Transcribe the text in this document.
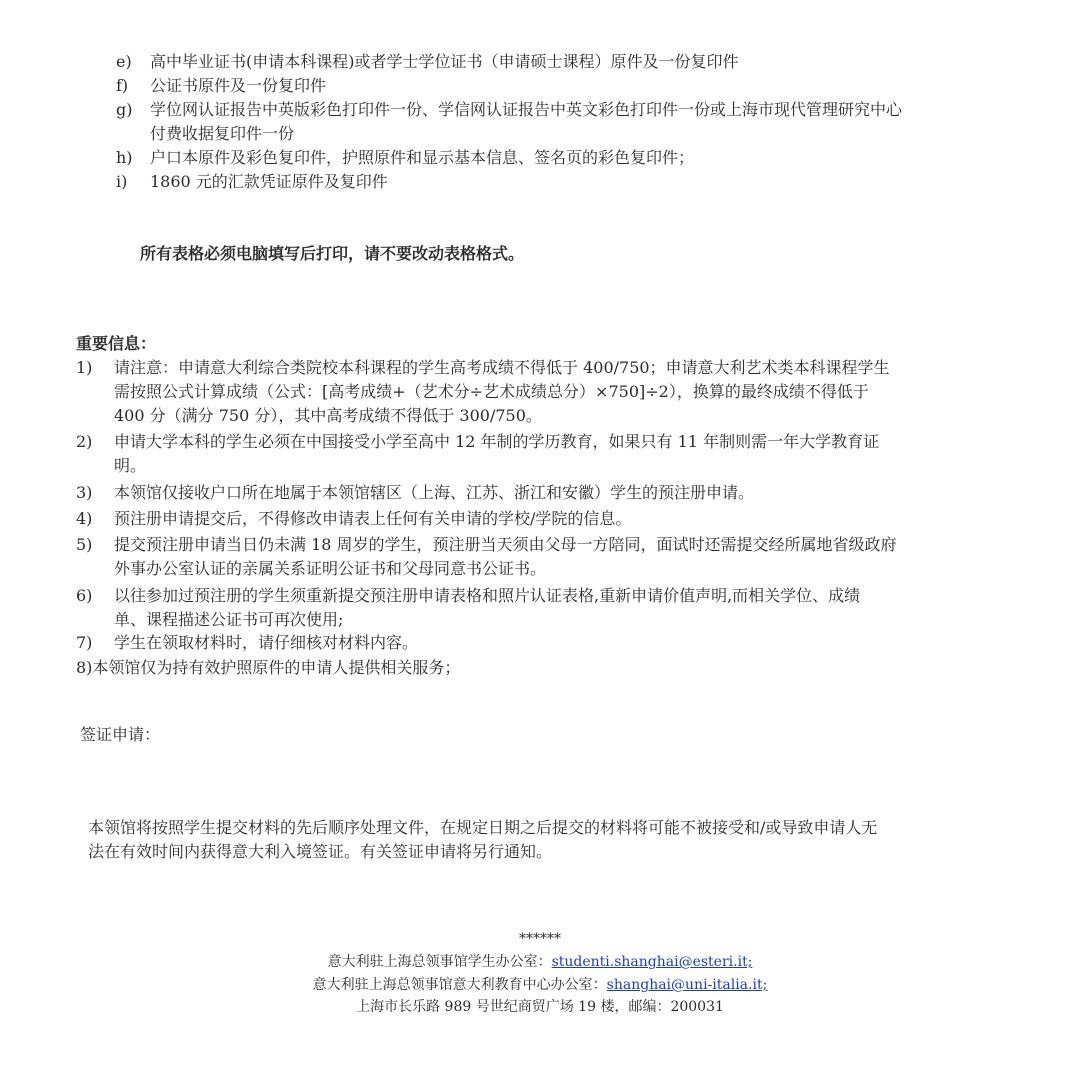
e) 高中毕业证书(申请本科课程)或者学士学位证书（申请硕士课程）原件及一份复印件
f) 公证书原件及一份复印件
g) 学位网认证报告中英版彩色打印件一份、学信网认证报告中英文彩色打印件一份或上海市现代管理研究中心
付费收据复印件一份
h) 户口本原件及彩色复印件，护照原件和显示基本信息、签名页的彩色复印件；
i) 1860 元的汇款凭证原件及复印件
所有表格必须电脑填写后打印，请不要改动表格格式。
重要信息：
1) 请注意：申请意大利综合类院校本科课程的学生高考成绩不得低于 400/750；申请意大利艺术类本科课程学生
需按照公式计算成绩（公式：[高考成绩+（艺术分÷艺术成绩总分）×750]÷2），换算的最终成绩不得低于
400 分（满分 750 分），其中高考成绩不得低于 300/750。
2) 申请大学本科的学生必须在中国接受小学至高中 12 年制的学历教育，如果只有 11 年制则需一年大学教育证
明。
3) 本领馆仅接收户口所在地属于本领馆辖区（上海、江苏、浙江和安徽）学生的预注册申请。
4) 预注册申请提交后，不得修改申请表上任何有关申请的学校/学院的信息。
5) 提交预注册申请当日仍未满 18 周岁的学生，预注册当天须由父母一方陪同，面试时还需提交经所属地省级政府
外事办公室认证的亲属关系证明公证书和父母同意书公证书。
6) 以往参加过预注册的学生须重新提交预注册申请表格和照片认证表格,重新申请价值声明,而相关学位、成绩
单、课程描述公证书可再次使用;
7) 学生在领取材料时，请仔细核对材料内容。
8)本领馆仅为持有效护照原件的申请人提供相关服务；
签证申请：
本领馆将按照学生提交材料的先后顺序处理文件，在规定日期之后提交的材料将可能不被接受和/或导致申请人无
法在有效时间内获得意大利入境签证。有关签证申请将另行通知。
******
意大利驻上海总领事馆学生办公室：studenti.shanghai@esteri.it;
意大利驻上海总领事馆意大利教育中心办公室：shanghai@uni-italia.it;
上海市长乐路 989 号世纪商贸广场 19 楼，邮编：200031
